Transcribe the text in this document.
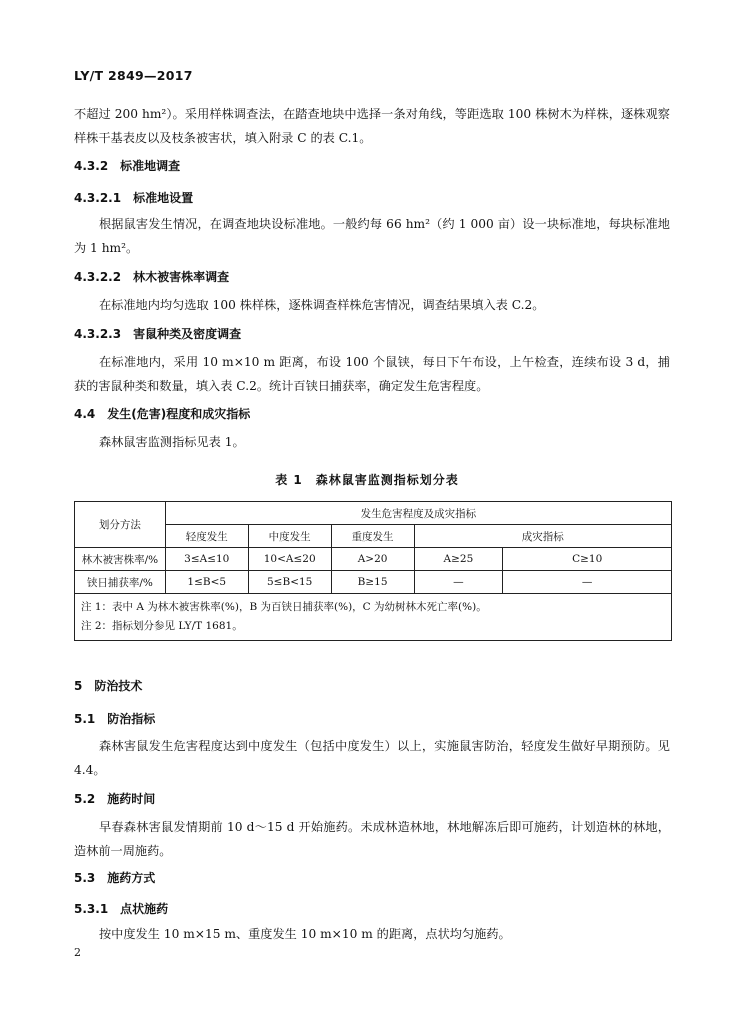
LY/T 2849—2017
不超过 200 hm²）。采用样株调查法，在踏查地块中选择一条对角线，等距选取 100 株树木为样株，逐株观察样株干基表皮以及枝条被害状，填入附录 C 的表 C.1。
4.3.2　标准地调查
4.3.2.1　标准地设置
根据鼠害发生情况，在调查地块设标准地。一般约每 66 hm²（约 1 000 亩）设一块标准地，每块标准地为 1 hm²。
4.3.2.2　林木被害株率调查
在标准地内均匀选取 100 株样株，逐株调查样株危害情况，调查结果填入表 C.2。
4.3.2.3　害鼠种类及密度调查
在标准地内，采用 10 m×10 m 距离，布设 100 个鼠铗，每日下午布设，上午检查，连续布设 3 d，捕获的害鼠种类和数量，填入表 C.2。统计百铗日捕获率，确定发生危害程度。
4.4　发生(危害)程度和成灾指标
森林鼠害监测指标见表 1。
表 1　森林鼠害监测指标划分表
划分方法	发生危害程度及成灾指标				
	轻度发生	中度发生	重度发生	成灾指标	
林木被害株率/%	3≤A≤10	10<A≤20	A>20	A≥25	C≥10
铗日捕获率/%	1≤B<5	5≤B<15	B≥15	—	—

注 1：表中 A 为林木被害株率(%)，B 为百铗日捕获率(%)，C 为幼树林木死亡率(%)。
注 2：指标划分参见 LY/T 1681。					
5　防治技术
5.1　防治指标
森林害鼠发生危害程度达到中度发生（包括中度发生）以上，实施鼠害防治，轻度发生做好早期预防。见 4.4。
5.2　施药时间
早春森林害鼠发情期前 10 d～15 d 开始施药。未成林造林地，林地解冻后即可施药，计划造林的林地，造林前一周施药。
5.3　施药方式
5.3.1　点状施药
按中度发生 10 m×15 m、重度发生 10 m×10 m 的距离，点状均匀施药。
2
